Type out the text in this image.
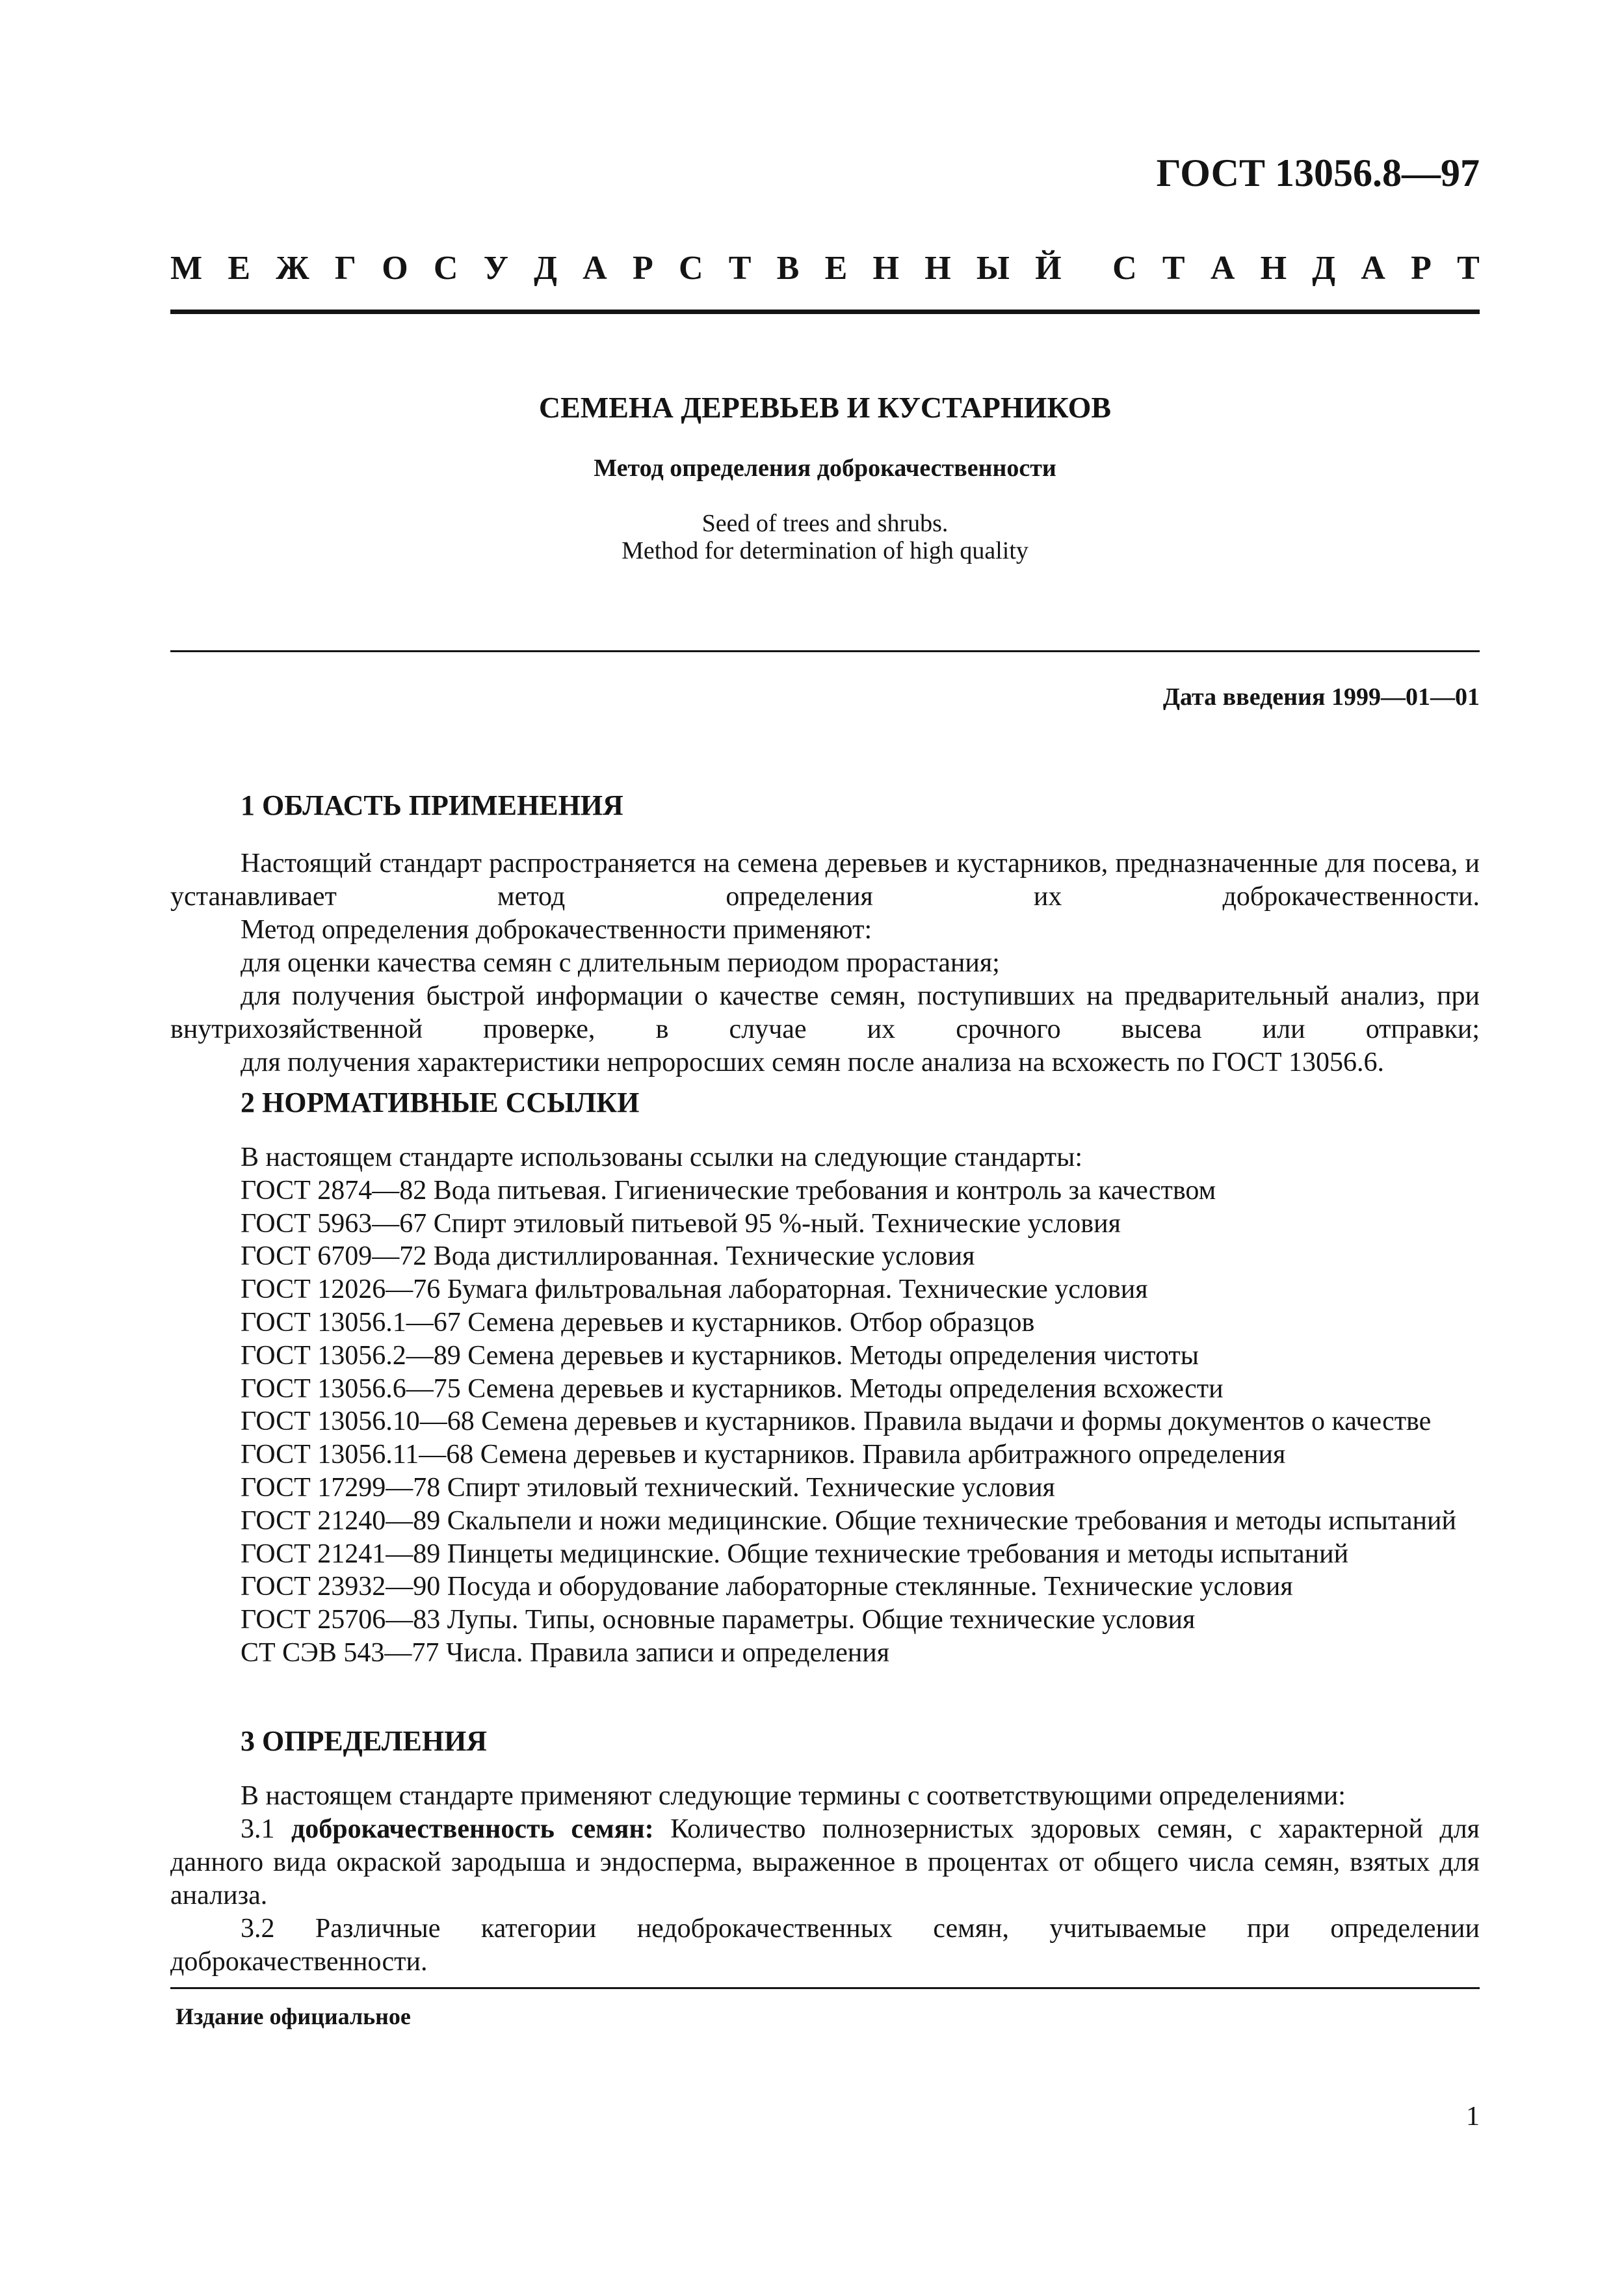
ГОСТ 13056.8—97
М Е Ж Г О С У Д А Р С Т В Е Н Н Ы Й С Т А Н Д А Р Т
СЕМЕНА ДЕРЕВЬЕВ И КУСТАРНИКОВ
Метод определения доброкачественности
Seed of trees and shrubs.
Method for determination of high quality
Дата введения 1999—01—01
1 ОБЛАСТЬ ПРИМЕНЕНИЯ

Настоящий стандарт распространяется на семена деревьев и кустарников, предназначенные для посева, и устанавливает метод определения их доброкачественности.

Метод определения доброкачественности применяют:

для оценки качества семян с длительным периодом прорастания;

для получения быстрой информации о качестве семян, поступивших на предварительный анализ, при внутрихозяйственной проверке, в случае их срочного высева или отправки;

для получения характеристики непроросших семян после анализа на всхожесть по ГОСТ 13056.6.

2 НОРМАТИВНЫЕ ССЫЛКИ
В настоящем стандарте использованы ссылки на следующие стандарты:
ГОСТ 2874—82 Вода питьевая. Гигиенические требования и контроль за качеством
ГОСТ 5963—67 Спирт этиловый питьевой 95 %-ный. Технические условия
ГОСТ 6709—72 Вода дистиллированная. Технические условия
ГОСТ 12026—76 Бумага фильтровальная лабораторная. Технические условия
ГОСТ 13056.1—67 Семена деревьев и кустарников. Отбор образцов
ГОСТ 13056.2—89 Семена деревьев и кустарников. Методы определения чистоты
ГОСТ 13056.6—75 Семена деревьев и кустарников. Методы определения всхожести
ГОСТ 13056.10—68 Семена деревьев и кустарников. Правила выдачи и формы документов о качестве
ГОСТ 13056.11—68 Семена деревьев и кустарников. Правила арбитражного определения
ГОСТ 17299—78 Спирт этиловый технический. Технические условия
ГОСТ 21240—89 Скальпели и ножи медицинские. Общие технические требования и методы испытаний
ГОСТ 21241—89 Пинцеты медицинские. Общие технические требования и методы испытаний
ГОСТ 23932—90 Посуда и оборудование лабораторные стеклянные. Технические условия
ГОСТ 25706—83 Лупы. Типы, основные параметры. Общие технические условия
СТ СЭВ 543—77 Числа. Правила записи и определения
3 ОПРЕДЕЛЕНИЯ

В настоящем стандарте применяют следующие термины с соответствующими определениями:

3.1 доброкачественность семян: Количество полнозернистых здоровых семян, с характерной для данного вида окраской зародыша и эндосперма, выраженное в процентах от общего числа семян, взятых для анализа.

3.2 Различные категории недоброкачественных семян, учитываемые при определении доброкачественности.

Издание официальное
1
